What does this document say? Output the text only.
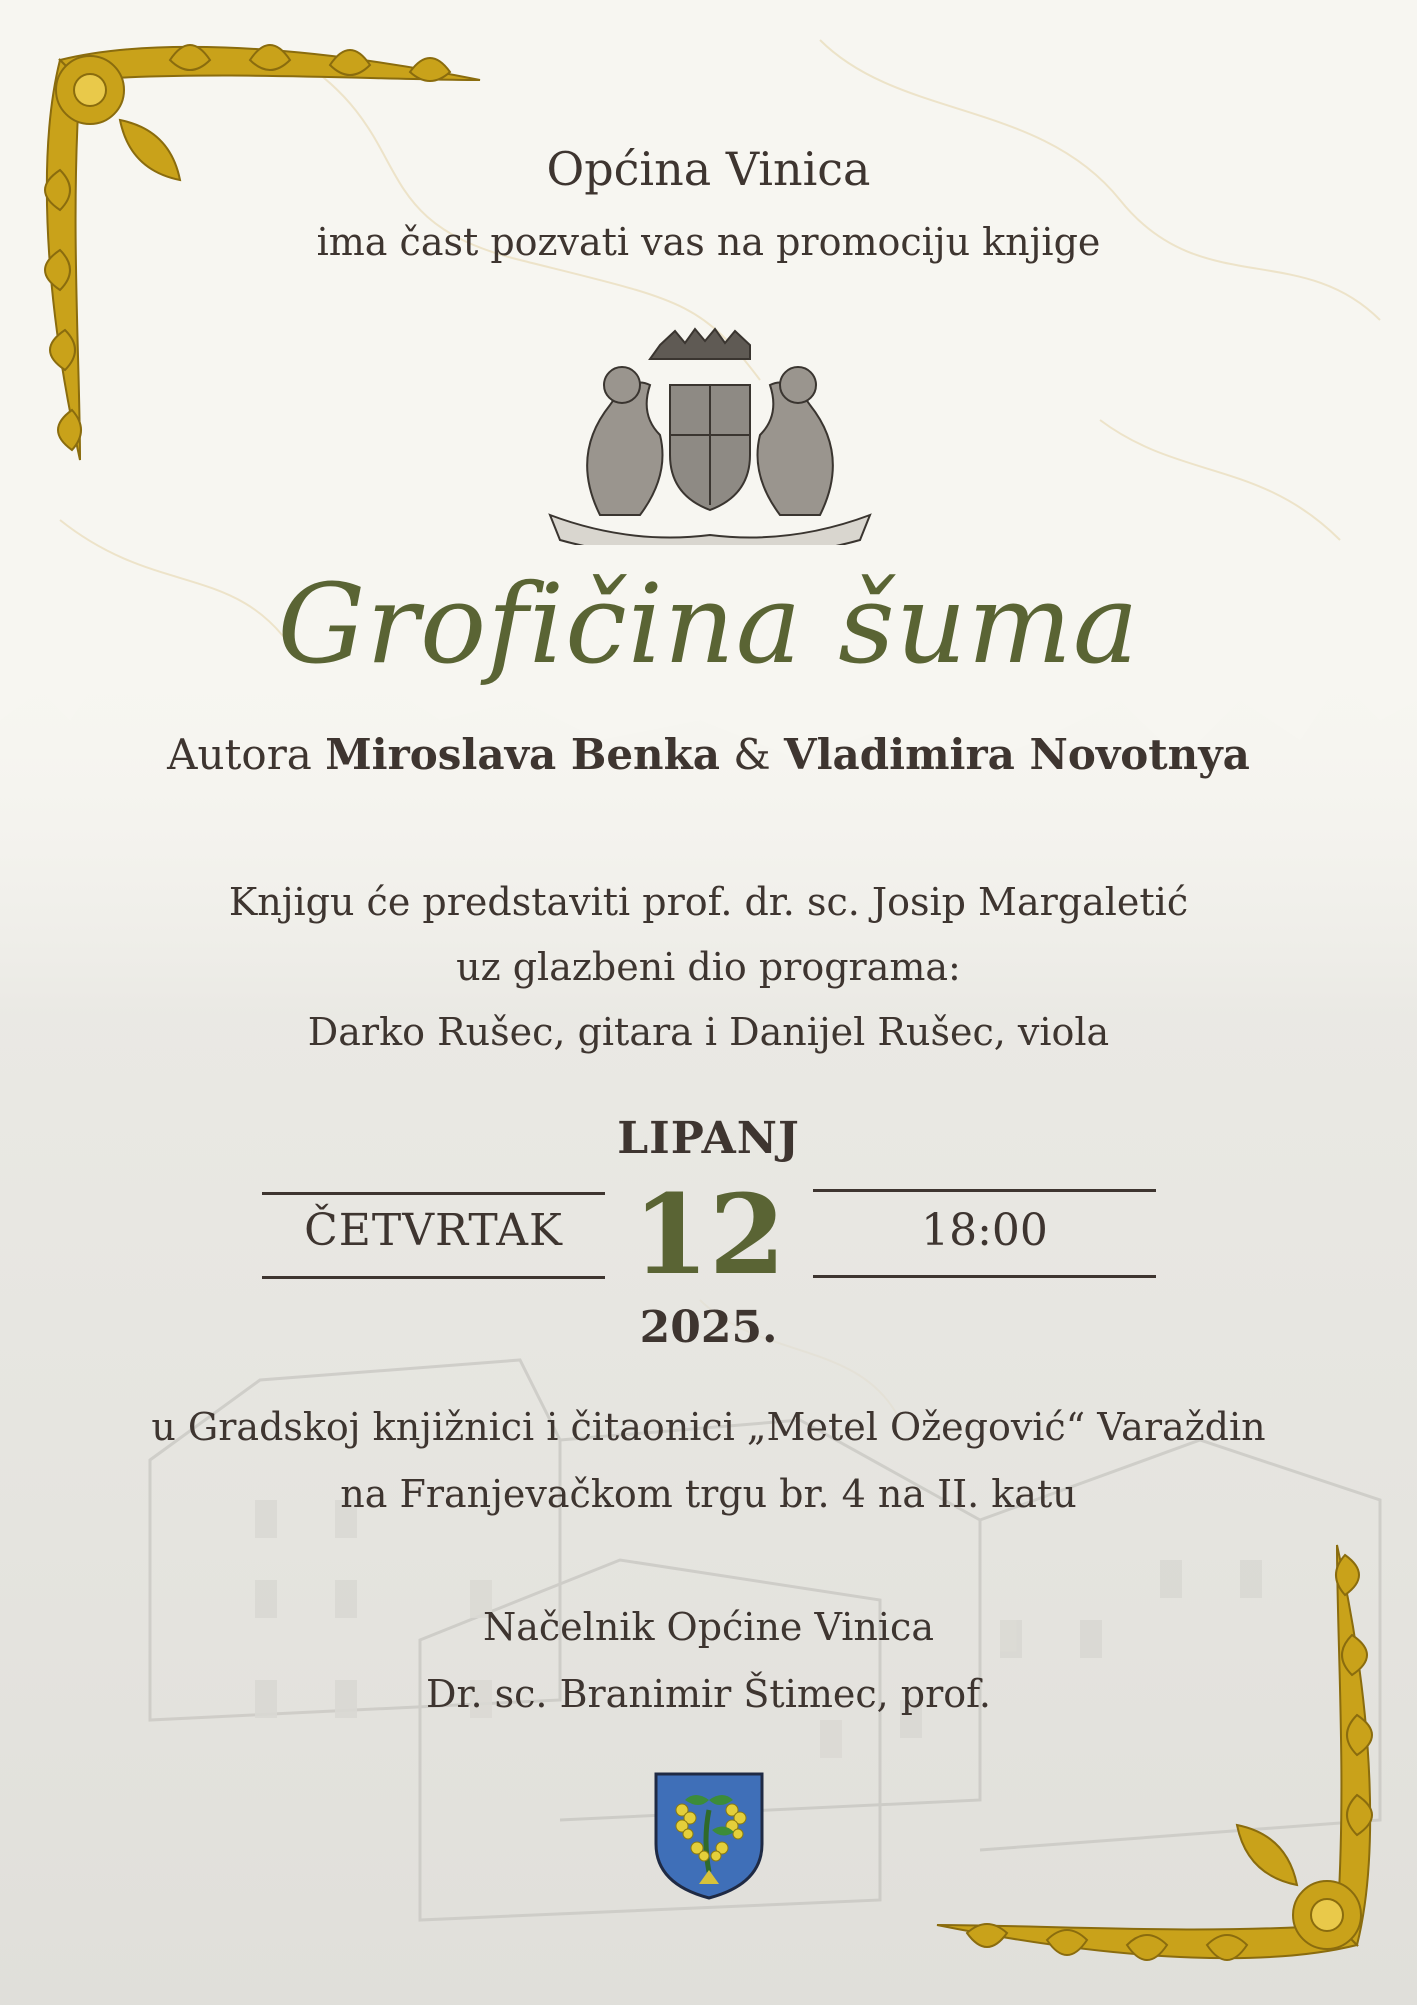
Općina Vinica
ima čast pozvati vas na promociju knjige
Grofičina šuma
Autora Miroslava Benka & Vladimira Novotnya
Knjigu će predstaviti prof. dr. sc. Josip Margaletić
uz glazbeni dio programa:
Darko Rušec, gitara i Danijel Rušec, viola
LIPANJ
ČETVRTAK 12	18:00
2025.
u Gradskoj knjižnici i čitaonici „Metel Ožegović“ Varaždin
na Franjevačkom trgu br. 4 na II. katu
Načelnik Općine Vinica
Dr. sc. Branimir Štimec, prof.
